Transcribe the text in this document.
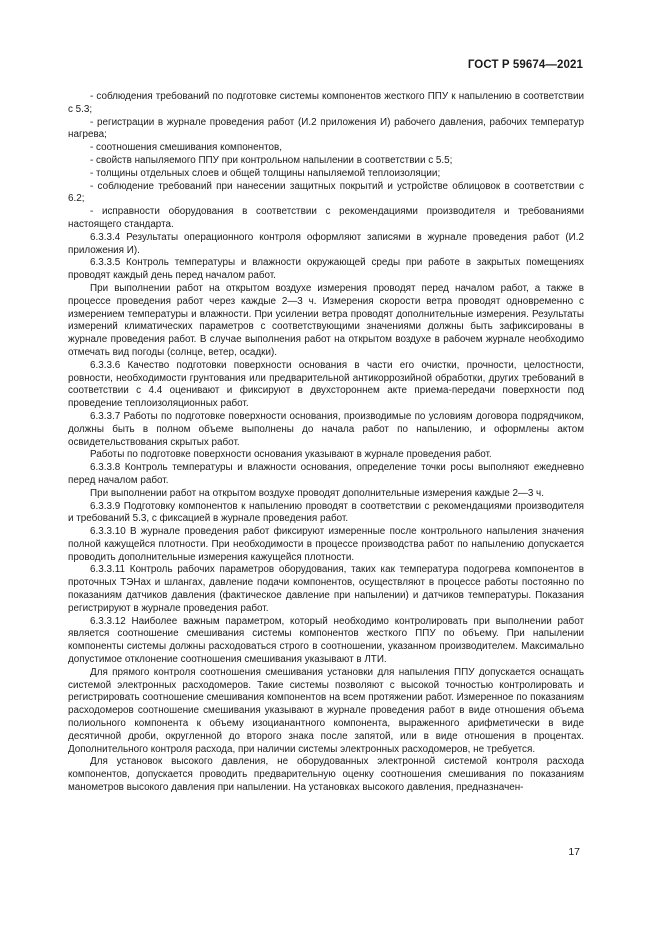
ГОСТ Р 59674—2021

- соблюдения требований по подготовке системы компонентов жесткого ППУ к напылению в соответствии с 5.3;

- регистрации в журнале проведения работ (И.2 приложения И) рабочего давления, рабочих температур нагрева;

- соотношения смешивания компонентов,

- свойств напыляемого ППУ при контрольном напылении в соответствии с 5.5;

- толщины отдельных слоев и общей толщины напыляемой теплоизоляции;

- соблюдение требований при нанесении защитных покрытий и устройстве облицовок в соответствии с 6.2;

- исправности оборудования в соответствии с рекомендациями производителя и требованиями настоящего стандарта.

6.3.3.4 Результаты операционного контроля оформляют записями в журнале проведения работ (И.2 приложения И).

6.3.3.5 Контроль температуры и влажности окружающей среды при работе в закрытых помещениях проводят каждый день перед началом работ.

При выполнении работ на открытом воздухе измерения проводят перед началом работ, а также в процессе проведения работ через каждые 2—3 ч. Измерения скорости ветра проводят одновременно с измерением температуры и влажности. При усилении ветра проводят дополнительные измерения. Результаты измерений климатических параметров с соответствующими значениями должны быть зафиксированы в журнале проведения работ. В случае выполнения работ на открытом воздухе в рабочем журнале необходимо отмечать вид погоды (солнце, ветер, осадки).

6.3.3.6 Качество подготовки поверхности основания в части его очистки, прочности, целостности, ровности, необходимости грунтования или предварительной антикоррозийной обработки, других требований в соответствии с 4.4 оценивают и фиксируют в двухстороннем акте приема-передачи поверхности под проведение теплоизоляционных работ.

6.3.3.7 Работы по подготовке поверхности основания, производимые по условиям договора подрядчиком, должны быть в полном объеме выполнены до начала работ по напылению, и оформлены актом освидетельствования скрытых работ.

Работы по подготовке поверхности основания указывают в журнале проведения работ.

6.3.3.8 Контроль температуры и влажности основания, определение точки росы выполняют ежедневно перед началом работ.

При выполнении работ на открытом воздухе проводят дополнительные измерения каждые 2—3 ч.

6.3.3.9 Подготовку компонентов к напылению проводят в соответствии с рекомендациями производителя и требований 5.3, с фиксацией в журнале проведения работ.

6.3.3.10 В журнале проведения работ фиксируют измеренные после контрольного напыления значения полной кажущейся плотности. При необходимости в процессе производства работ по напылению допускается проводить дополнительные измерения кажущейся плотности.

6.3.3.11 Контроль рабочих параметров оборудования, таких как температура подогрева компонентов в проточных ТЭНах и шлангах, давление подачи компонентов, осуществляют в процессе работы постоянно по показаниям датчиков давления (фактическое давление при напылении) и датчиков температуры. Показания регистрируют в журнале проведения работ.

6.3.3.12 Наиболее важным параметром, который необходимо контролировать при выполнении работ является соотношение смешивания системы компонентов жесткого ППУ по объему. При напылении компоненты системы должны расходоваться строго в соотношении, указанном производителем. Максимально допустимое отклонение соотношения смешивания указывают в ЛТИ.

Для прямого контроля соотношения смешивания установки для напыления ППУ допускается оснащать системой электронных расходомеров. Такие системы позволяют с высокой точностью контролировать и регистрировать соотношение смешивания компонентов на всем протяжении работ. Измеренное по показаниям расходомеров соотношение смешивания указывают в журнале проведения работ в виде отношения объема полиольного компонента к объему изоцианантного компонента, выраженного арифметически в виде десятичной дроби, округленной до второго знака после запятой, или в виде отношения в процентах. Дополнительного контроля расхода, при наличии системы электронных расходомеров, не требуется.

Для установок высокого давления, не оборудованных электронной системой контроля расхода компонентов, допускается проводить предварительную оценку соотношения смешивания по показаниям манометров высокого давления при напылении. На установках высокого давления, предназначен-

17
